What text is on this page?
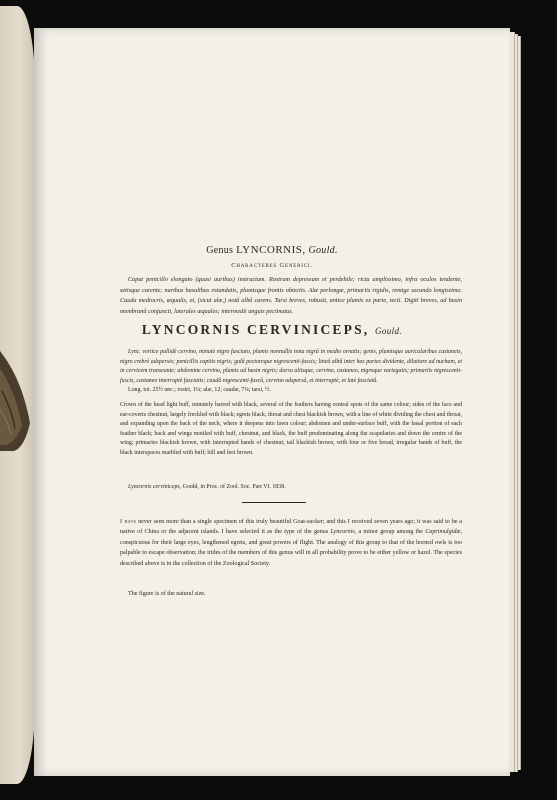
Genus LYNCORNIS, Gould.
Characteres Generici.
Caput penicillo elongato (quasi auribus) instructum. Rostrum depressum et perdebile; rictu amplissimo, infra oculos tendente, setisque carente; naribus basalibus rotundatis, plumisque frontis obtectis. Alæ perlongæ, primariis rigidis, remige secundo longissimo. Cauda mediocris, æqualis, et, (sicut alæ,) notâ albâ carens. Tarsi breves, robusti, antice plumis ex parte, tecti. Digiti breves, ad basin membranâ conjuncti, laterales æquales; intermedii unguis pectinatus.
LYNCORNIS CERVINICEPS, Gould.
Lync. vertice pallidè cervino, minutè nigro fasciato, plumis nonnullis nota nigrâ in medio ornatis; genis, plumisque auricularibus castaneis, nigro crebrè adspersis; penicillis capitis nigris; gulâ pectoreque nigrescenti-fuscis; lineâ albâ inter has partes dividente, dilatiore ad nucham, et in cervicem transeunte; abdomine cervino, plumis ad basin nigris; dorso aliisque, cervino, castaneo, nigroque variegatis; primariis nigrescenti-fuscis, castaneo interruptè fasciatis; caudâ nigrescenti-fuscâ, cervino adspersâ, et interruptè, et latè fasciatâ.
Long. tot. 25½ unc.; rostri, 1¼; alæ, 12; caudæ, 7¼; tarsi, ½.
Crown of the head light buff, minutely barred with black, several of the feathers having central spots of the same colour; sides of the face and ear-coverts chestnut, largely freckled with black; egrets black; throat and chest blackish brown, with a line of white dividing the chest and throat, and expanding upon the back of the neck, where it deepens into fawn colour; abdomen and under-surface buff, with the basal portion of each feather black; back and wings mottled with buff, chestnut, and black, the buff predominating along the scapularies and down the centre of the wing; primaries blackish brown, with interrupted bands of chestnut; tail blackish brown, with four or five broad, irregular bands of buff, the black interspaces marbled with buff; bill and feet brown.
Lyncornis cerviniceps, Gould, in Proc. of Zool. Soc. Part VI. 1838.
I have never seen more than a single specimen of this truly beautiful Goat-sucker; and this I received seven years ago; it was said to be a native of China or the adjacent islands. I have selected it as the type of the genus Lyncornis, a minor group among the Caprimulgidæ, conspicuous for their large eyes, lengthened egrets, and great powers of flight. The analogy of this group to that of the horned owls is too palpable to escape observation; the irides of the members of this genus will in all probability prove to be either yellow or hazel. The species described above is in the collection of the Zoological Society.
The figure is of the natural size.
